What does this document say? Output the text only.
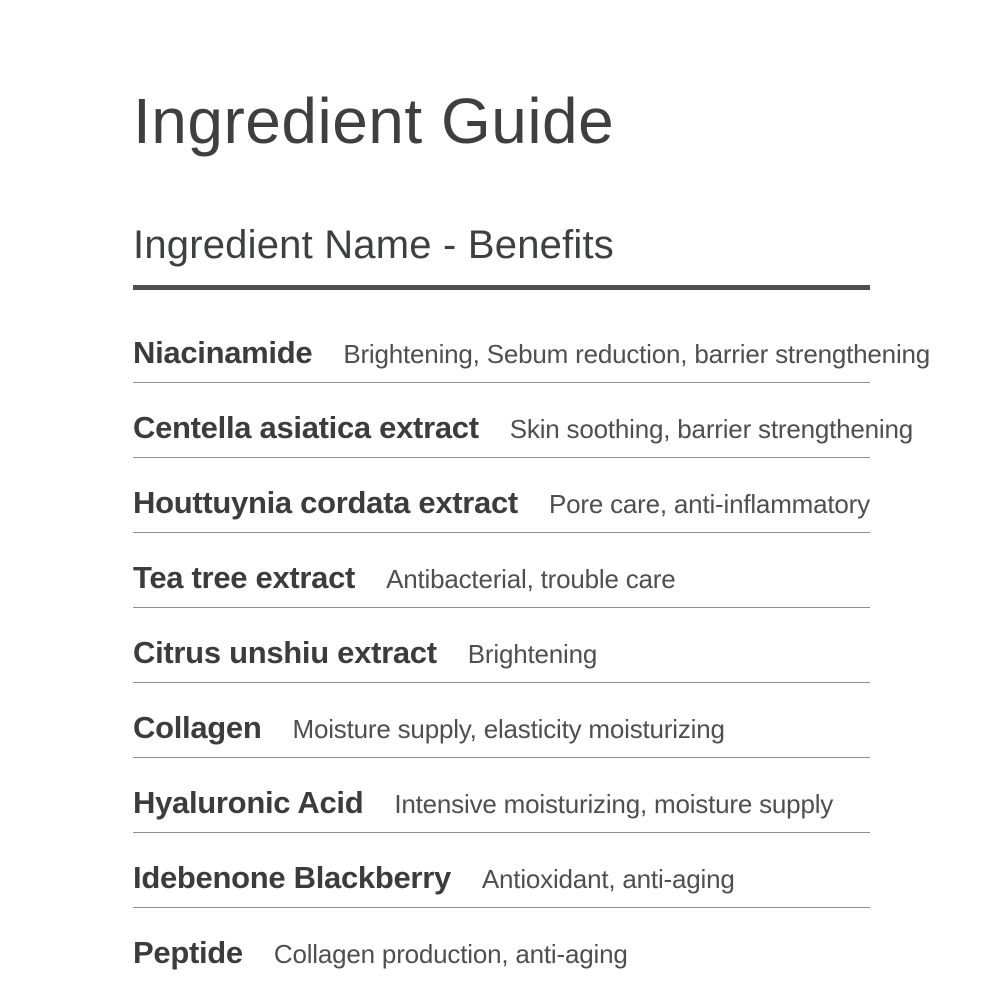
Ingredient Guide
Ingredient Name - Benefits
Niacinamide Brightening, Sebum reduction, barrier strengthening
Centella asiatica extract Skin soothing, barrier strengthening
Houttuynia cordata extract Pore care, anti-inflammatory
Tea tree extract Antibacterial, trouble care
Citrus unshiu extract Brightening
Collagen Moisture supply, elasticity moisturizing
Hyaluronic Acid Intensive moisturizing, moisture supply
Idebenone Blackberry Antioxidant, anti-aging
Peptide Collagen production, anti-aging
